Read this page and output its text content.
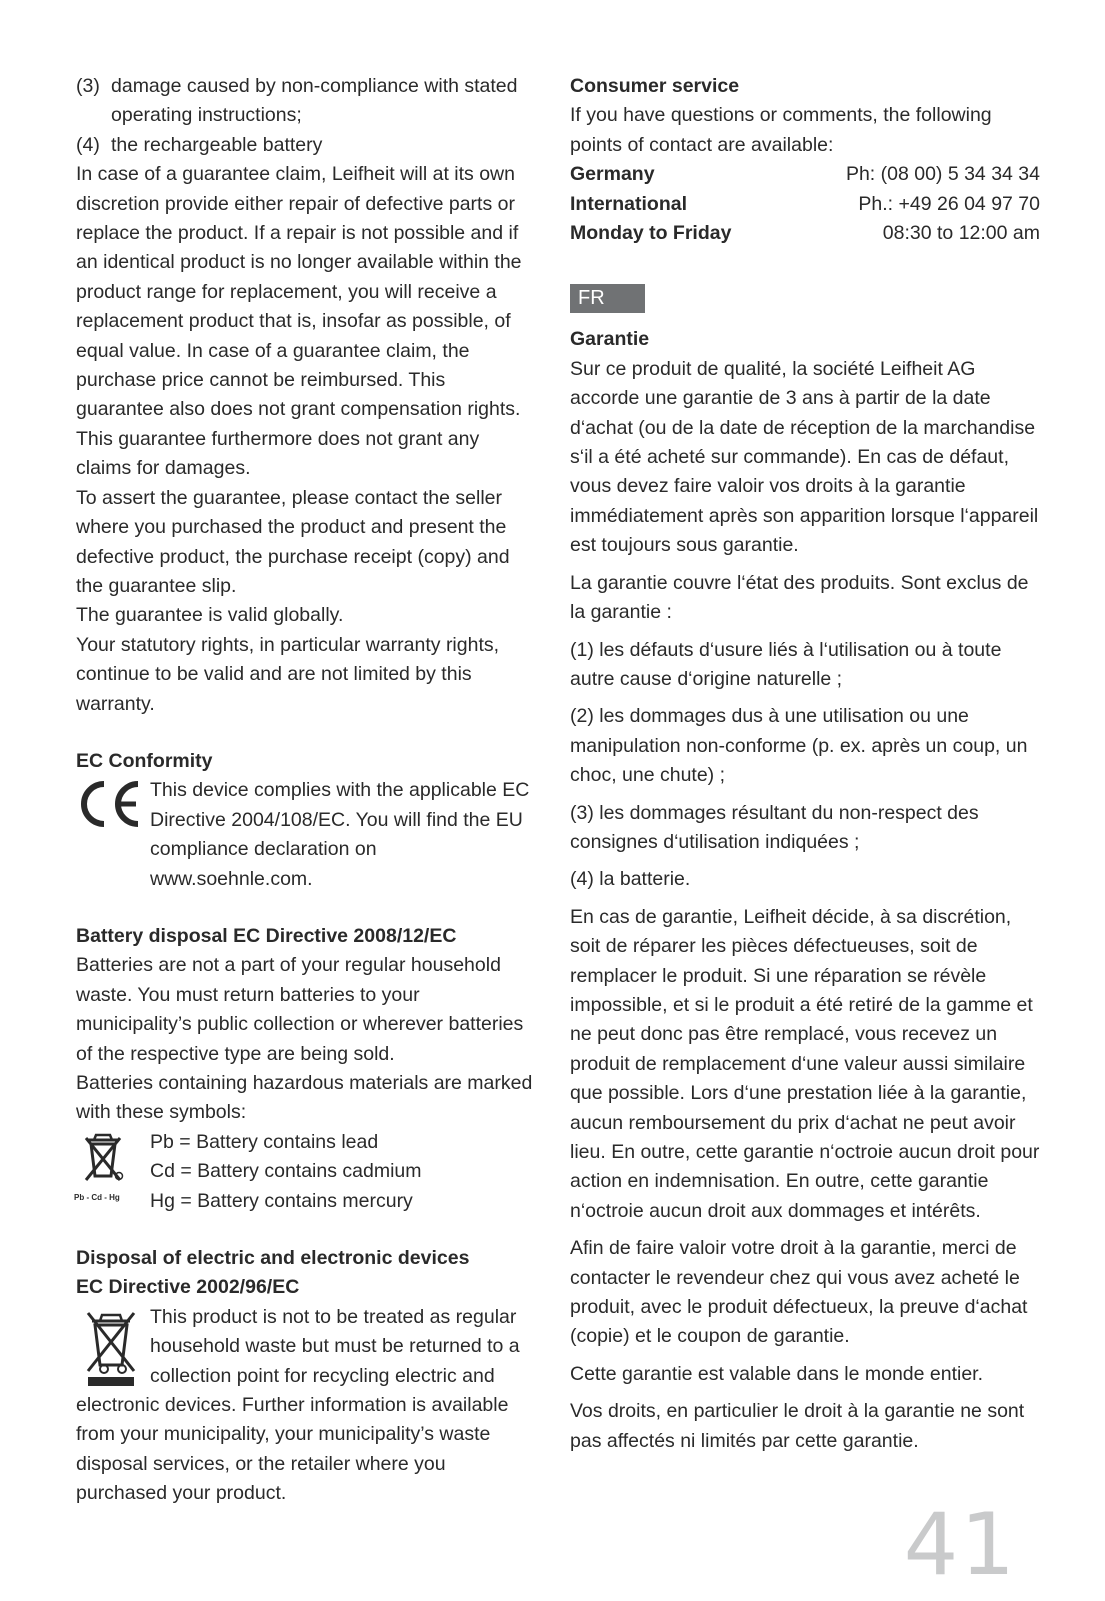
(3) damage caused by non-compliance with stated operating instructions;
(4) the rechargeable battery

In case of a guarantee claim, Leifheit will at its own discretion provide either repair of defective parts or replace the product. If a repair is not possible and if an identical product is no longer available within the product range for replacement, you will receive a replacement product that is, insofar as possible, of equal value. In case of a guarantee claim, the purchase price cannot be reimbursed. This guarantee also does not grant compensation rights. This guarantee furthermore does not grant any claims for damages.

To assert the guarantee, please contact the seller where you purchased the product and present the defective product, the purchase receipt (copy) and the guarantee slip.

The guarantee is valid globally.

Your statutory rights, in particular warranty rights, continue to be valid and are not limited by this warranty.

EC Conformity

This device complies with the applicable EC Directive 2004/108/EC. You will find the EU compliance declaration on www.soehnle.com.

Battery disposal EC Directive 2008/12/EC

Batteries are not a part of your regular household waste. You must return batteries to your municipality’s public collection or wherever batteries of the respective type are being sold.

Batteries containing hazardous materials are marked with these symbols:

Pb - Cd - Hg
Pb = Battery contains lead
Cd = Battery contains cadmium
Hg = Battery contains mercury

Disposal of electric and electronic devices

EC Directive 2002/96/EC

This product is not to be treated as regular household waste but must be returned to a collection point for recycling electric and electronic devices. Further information is available from your municipality, your municipality’s waste disposal services, or the retailer where you purchased your product.

Consumer service

If you have questions or comments, the following points of contact are available:

Germany	Ph: (08 00) 5 34 34 34
International	Ph.: +49 26 04 97 70
Monday to Friday	08:30 to 12:00 am
FR

Garantie

Sur ce produit de qualité, la société Leifheit AG accorde une garantie de 3 ans à partir de la date d‘achat (ou de la date de réception de la marchandise s‘il a été acheté sur commande). En cas de défaut, vous devez faire valoir vos droits à la garantie immédiatement après son apparition lorsque l‘appareil est toujours sous garantie.

La garantie couvre l‘état des produits. Sont exclus de la garantie :

(1) les défauts d‘usure liés à l‘utilisation ou à toute autre cause d‘origine naturelle ;

(2) les dommages dus à une utilisation ou une manipulation non-conforme (p. ex. après un coup, un choc, une chute) ;

(3) les dommages résultant du non-respect des consignes d‘utilisation indiquées ;

(4) la batterie.

En cas de garantie, Leifheit décide, à sa discrétion, soit de réparer les pièces défectueuses, soit de remplacer le produit. Si une réparation se révèle impossible, et si le produit a été retiré de la gamme et ne peut donc pas être remplacé, vous recevez un produit de remplacement d‘une valeur aussi similaire que possible. Lors d‘une prestation liée à la garantie, aucun remboursement du prix d‘achat ne peut avoir lieu. En outre, cette garantie n‘octroie aucun droit pour action en indemnisation. En outre, cette garantie n‘octroie aucun droit aux dommages et intérêts.

Afin de faire valoir votre droit à la garantie, merci de contacter le revendeur chez qui vous avez acheté le produit, avec le produit défectueux, la preuve d‘achat (copie) et le coupon de garantie.

Cette garantie est valable dans le monde entier.

Vos droits, en particulier le droit à la garantie ne sont pas affectés ni limités par cette garantie.

41
